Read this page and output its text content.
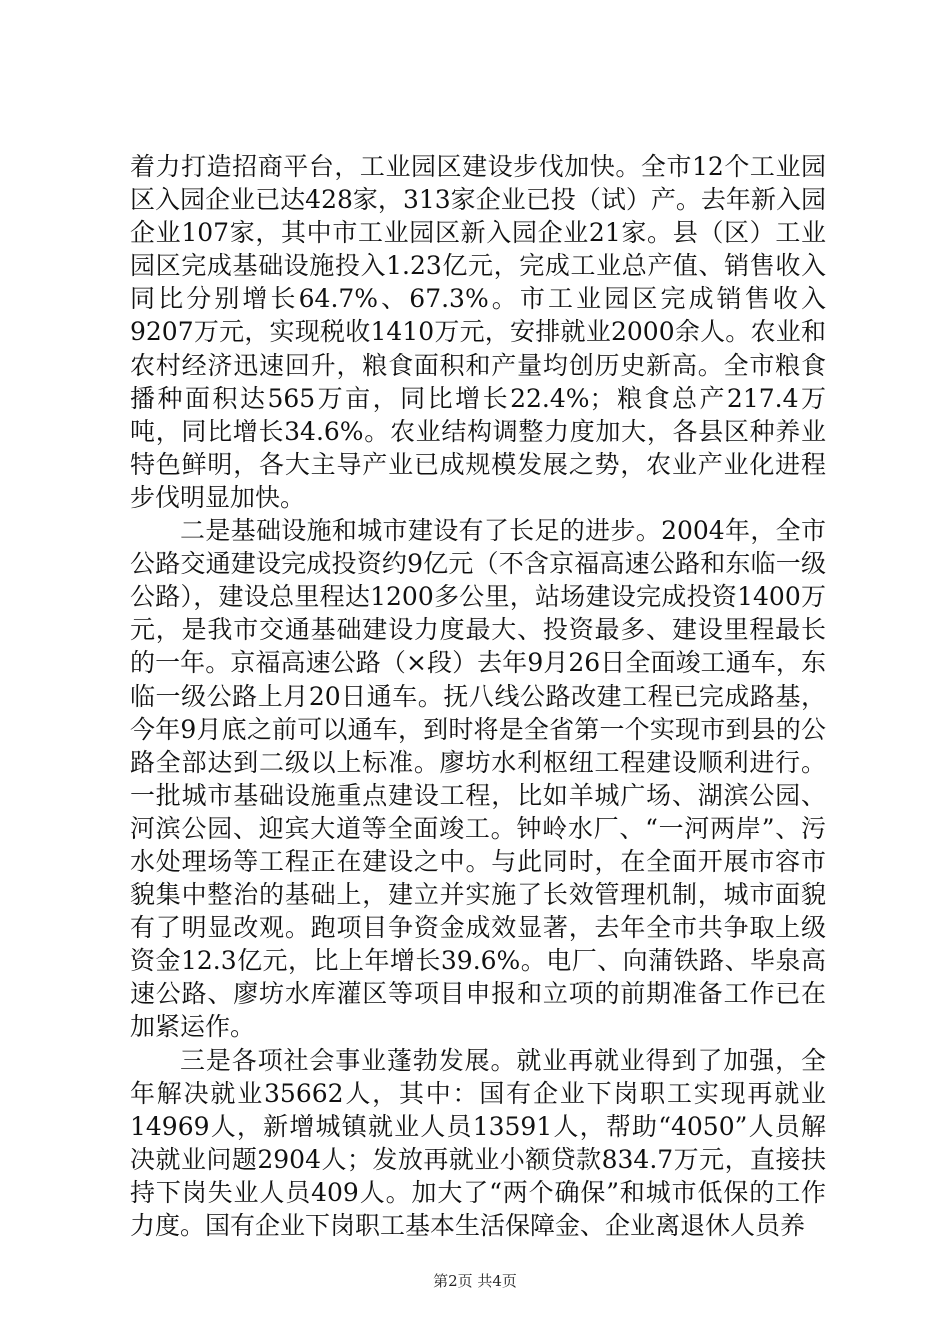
着力打造招商平台，工业园区建设步伐加快。全市12个工业园区入园企业已达428家，313家企业已投（试）产。去年新入园企业107家，其中市工业园区新入园企业21家。县（区）工业园区完成基础设施投入1.23亿元，完成工业总产值、销售收入同比分别增长64.7%、67.3%。市工业园区完成销售收入9207万元，实现税收1410万元，安排就业2000余人。农业和农村经济迅速回升，粮食面积和产量均创历史新高。全市粮食播种面积达565万亩，同比增长22.4%；粮食总产217.4万吨，同比增长34.6%。农业结构调整力度加大，各县区种养业特色鲜明，各大主导产业已成规模发展之势，农业产业化进程步伐明显加快。

二是基础设施和城市建设有了长足的进步。2004年，全市公路交通建设完成投资约9亿元（不含京福高速公路和东临一级公路），建设总里程达1200多公里，站场建设完成投资1400万元，是我市交通基础建设力度最大、投资最多、建设里程最长的一年。京福高速公路（×段）去年9月26日全面竣工通车，东临一级公路上月20日通车。抚八线公路改建工程已完成路基，今年9月底之前可以通车，到时将是全省第一个实现市到县的公路全部达到二级以上标准。廖坊水利枢纽工程建设顺利进行。一批城市基础设施重点建设工程，比如羊城广场、湖滨公园、河滨公园、迎宾大道等全面竣工。钟岭水厂、“一河两岸”、污水处理场等工程正在建设之中。与此同时，在全面开展市容市貌集中整治的基础上，建立并实施了长效管理机制，城市面貌有了明显改观。跑项目争资金成效显著，去年全市共争取上级资金12.3亿元，比上年增长39.6%。电厂、向蒲铁路、毕泉高速公路、廖坊水库灌区等项目申报和立项的前期准备工作已在加紧运作。

三是各项社会事业蓬勃发展。就业再就业得到了加强，全年解决就业35662人，其中：国有企业下岗职工实现再就业14969人，新增城镇就业人员13591人，帮助“4050”人员解决就业问题2904人；发放再就业小额贷款834.7万元，直接扶持下岗失业人员409人。加大了“两个确保”和城市低保的工作力度。国有企业下岗职工基本生活保障金、企业离退休人员养

第2页 共4页
